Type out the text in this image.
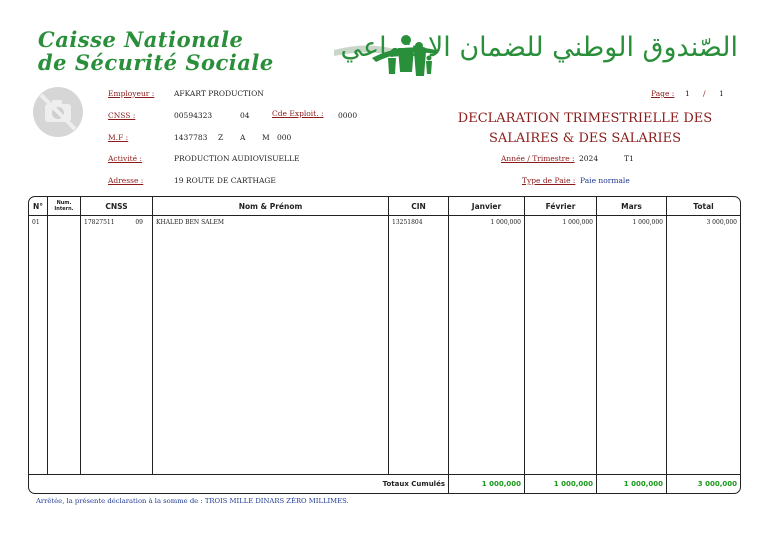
Caisse Nationale
de Sécurité Sociale	الصّندوق الوطني للضمان الاجتماعي
Employeur :	AFKART PRODUCTION
CNSS :	00594323	04	Cde Exploit. : 0000
M.F :	1437783 Z A M 000
Activité :	PRODUCTION AUDIOVISUELLE
Adresse :	19 ROUTE DE CARTHAGE
Page : 1 / 1
DECLARATION TRIMESTRIELLE DES
SALAIRES & DES SALARIES
Année / Trimestre : 2024	T1
Type de Paie : Paie normale
N°	Num. Intern.	CNSS	Nom & Prénom	CIN	Janvier	Février	Mars	Total
01		17827511 09	KHALED BEN SALEM	13251804	1 000,000	1 000,000	1 000,000	3 000,000
Totaux Cumulés					1 000,000	1 000,000	1 000,000	3 000,000
Arrêtée, la présente déclaration à la somme de : TROIS MILLE DINARS ZÉRO MILLIMES.
